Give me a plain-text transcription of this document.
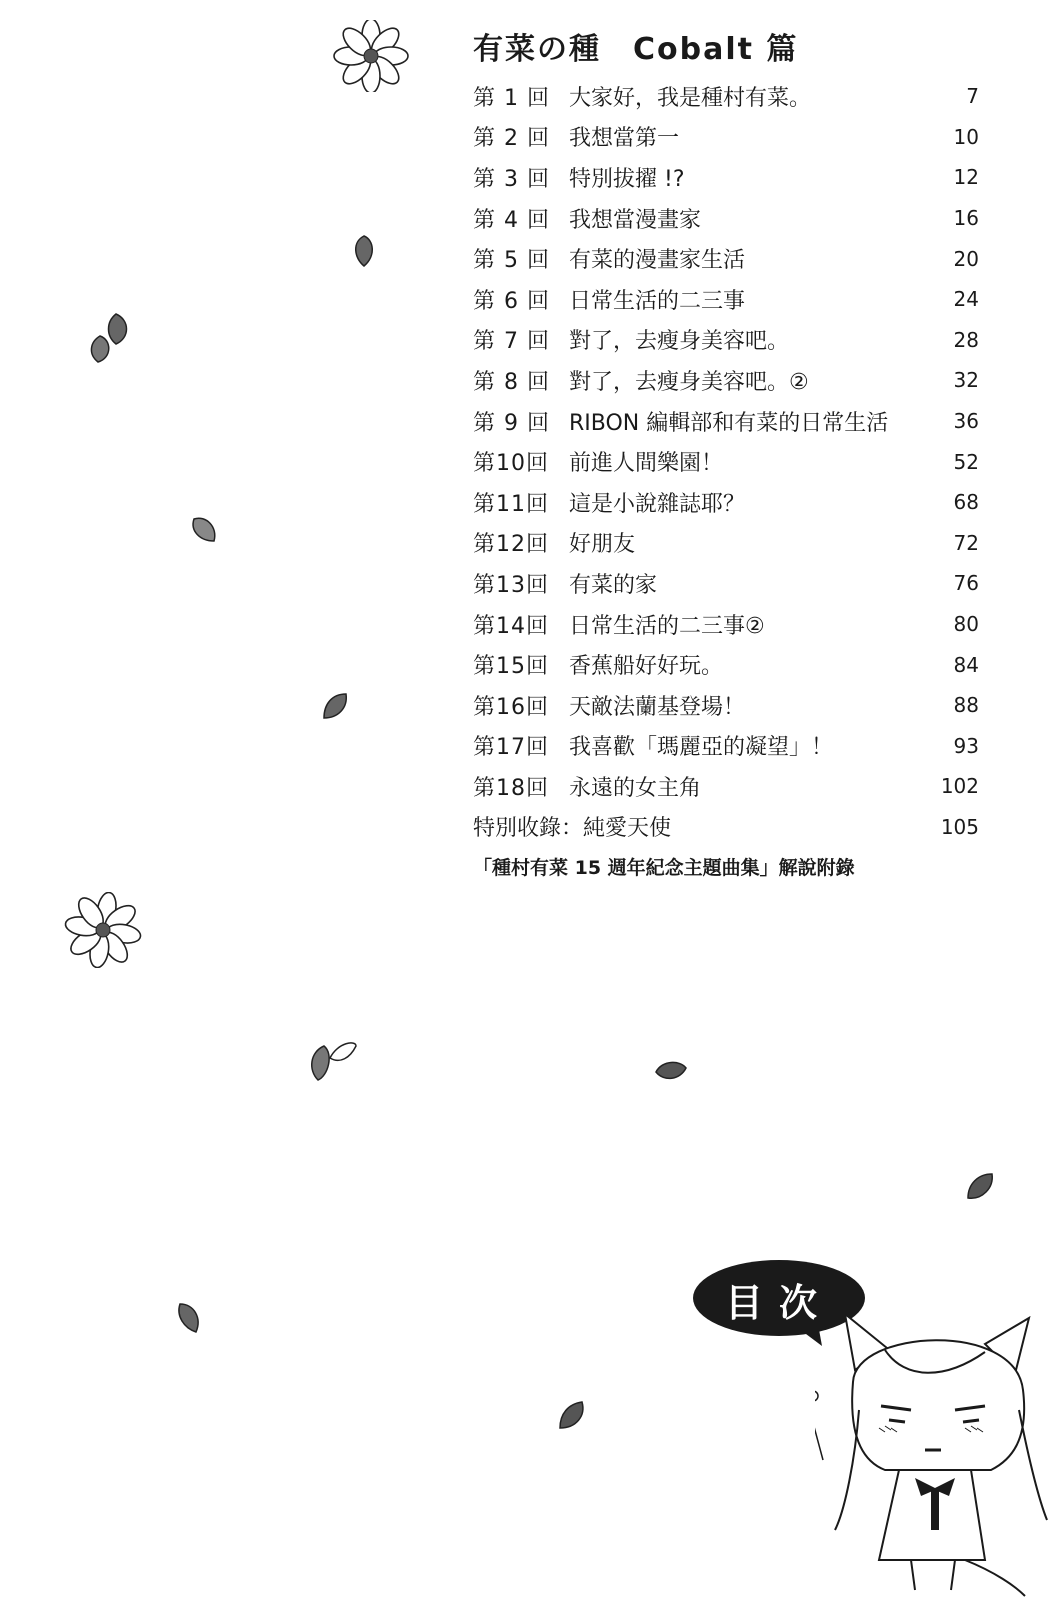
有菜の種　Cobalt 篇
第 1 回 大家好，我是種村有菜。	7
第 2 回 我想當第一	10
第 3 回 特別拔擢 !?	12
第 4 回 我想當漫畫家	16
第 5 回 有菜的漫畫家生活	20
第 6 回 日常生活的二三事	24
第 7 回 對了，去瘦身美容吧。	28
第 8 回 對了，去瘦身美容吧。②	32
第 9 回 RIBON 編輯部和有菜的日常生活	36
第10回 前進人間樂園！	52
第11回 這是小說雜誌耶？	68
第12回 好朋友	72
第13回 有菜的家	76
第14回 日常生活的二三事②	80
第15回 香蕉船好好玩。	84
第16回 天敵法蘭基登場！	88
第17回 我喜歡「瑪麗亞的凝望」！	93
第18回 永遠的女主角	102
特別收錄：純愛天使	105
「種村有菜 15 週年紀念主題曲集」解說附錄
目次
